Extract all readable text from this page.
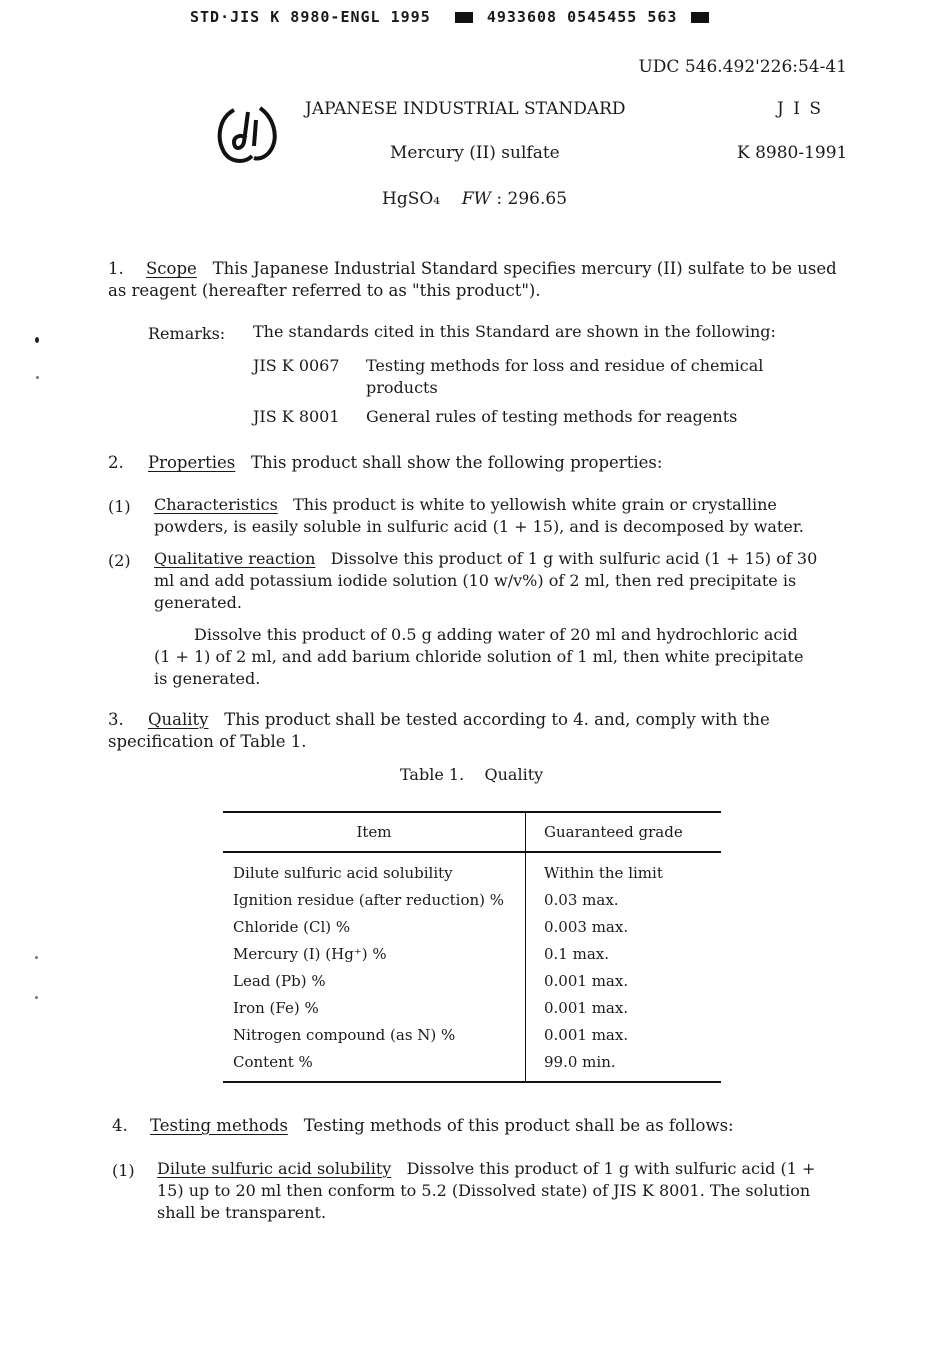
STD·JIS K 8980-ENGL 1995	4933608 0545455 563
UDC 546.492'226:54-41
JAPANESE INDUSTRIAL STANDARD	J I S
Mercury (II) sulfate	K 8980-1991
HgSO₄ FW : 296.65
1. Scope This Japanese Industrial Standard specifies mercury (II) sulfate to be used as reagent (hereafter referred to as "this product").
Remarks: The standards cited in this Standard are shown in the following:
JIS K 0067 Testing methods for loss and residue of chemical products
JIS K 8001 General rules of testing methods for reagents
2. Properties This product shall show the following properties:
(1) Characteristics This product is white to yellowish white grain or crystalline powders, is easily soluble in sulfuric acid (1 + 15), and is decomposed by water.
(2) Qualitative reaction Dissolve this product of 1 g with sulfuric acid (1 + 15) of 30 ml and add potassium iodide solution (10 w/v%) of 2 ml, then red precipitate is generated.
Dissolve this product of 0.5 g adding water of 20 ml and hydrochloric acid (1 + 1) of 2 ml, and add barium chloride solution of 1 ml, then white precipitate is generated.
3. Quality This product shall be tested according to 4. and, comply with the specification of Table 1.
Table 1.    Quality
Item	Guaranteed grade
Dilute sulfuric acid solubility	Within the limit
Ignition residue (after reduction) %	0.03 max.
Chloride (Cl) %	0.003 max.
Mercury (I) (Hg⁺) %	0.1 max.
Lead (Pb) %	0.001 max.
Iron (Fe) %	0.001 max.
Nitrogen compound (as N) %	0.001 max.
Content %	99.0 min.
4. Testing methods Testing methods of this product shall be as follows:
(1) Dilute sulfuric acid solubility Dissolve this product of 1 g with sulfuric acid (1 + 15) up to 20 ml then conform to 5.2 (Dissolved state) of JIS K 8001. The solution shall be transparent.
